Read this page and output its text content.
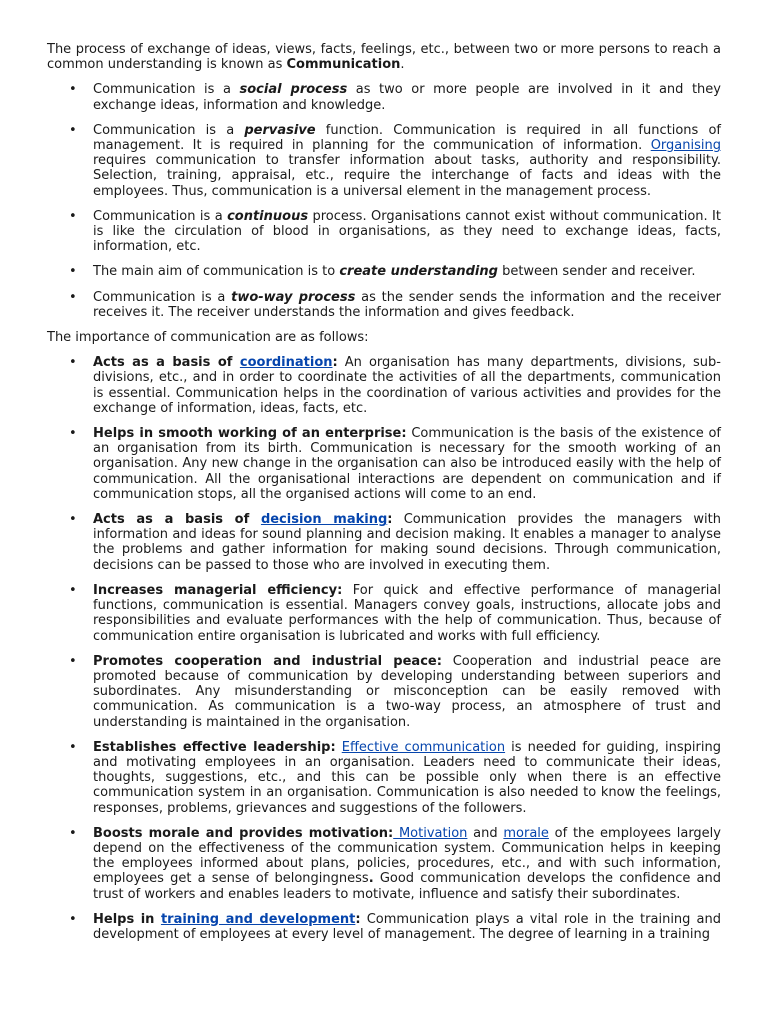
The process of exchange of ideas, views, facts, feelings, etc., between two or more persons to reach a common understanding is known as Communication.

• Communication is a social process as two or more people are involved in it and they exchange ideas, information and knowledge.
• Communication is a pervasive function. Communication is required in all functions of management. It is required in planning for the communication of information. Organising requires communication to transfer information about tasks, authority and responsibility. Selection, training, appraisal, etc., require the interchange of facts and ideas with the employees. Thus, communication is a universal element in the management process.
• Communication is a continuous process. Organisations cannot exist without communication. It is like the circulation of blood in organisations, as they need to exchange ideas, facts, information, etc.
• The main aim of communication is to create understanding between sender and receiver.
• Communication is a two-way process as the sender sends the information and the receiver receives it. The receiver understands the information and gives feedback.

The importance of communication are as follows:

• Acts as a basis of coordination: An organisation has many departments, divisions, sub-divisions, etc., and in order to coordinate the activities of all the departments, communication is essential. Communication helps in the coordination of various activities and provides for the exchange of information, ideas, facts, etc.
• Helps in smooth working of an enterprise: Communication is the basis of the existence of an organisation from its birth. Communication is necessary for the smooth working of an organisation. Any new change in the organisation can also be introduced easily with the help of communication. All the organisational interactions are dependent on communication and if communication stops, all the organised actions will come to an end.
• Acts as a basis of decision making: Communication provides the managers with information and ideas for sound planning and decision making. It enables a manager to analyse the problems and gather information for making sound decisions. Through communication, decisions can be passed to those who are involved in executing them.
• Increases managerial efficiency: For quick and effective performance of managerial functions, communication is essential. Managers convey goals, instructions, allocate jobs and responsibilities and evaluate performances with the help of communication. Thus, because of communication entire organisation is lubricated and works with full efficiency.
• Promotes cooperation and industrial peace: Cooperation and industrial peace are promoted because of communication by developing understanding between superiors and subordinates. Any misunderstanding or misconception can be easily removed with communication. As communication is a two-way process, an atmosphere of trust and understanding is maintained in the organisation.
• Establishes effective leadership: Effective communication is needed for guiding, inspiring and motivating employees in an organisation. Leaders need to communicate their ideas, thoughts, suggestions, etc., and this can be possible only when there is an effective communication system in an organisation. Communication is also needed to know the feelings, responses, problems, grievances and suggestions of the followers.
• Boosts morale and provides motivation: Motivation and morale of the employees largely depend on the effectiveness of the communication system. Communication helps in keeping the employees informed about plans, policies, procedures, etc., and with such information, employees get a sense of belongingness. Good communication develops the confidence and trust of workers and enables leaders to motivate, influence and satisfy their subordinates.
• Helps in training and development: Communication plays a vital role in the training and development of employees at every level of management. The degree of learning in a training
